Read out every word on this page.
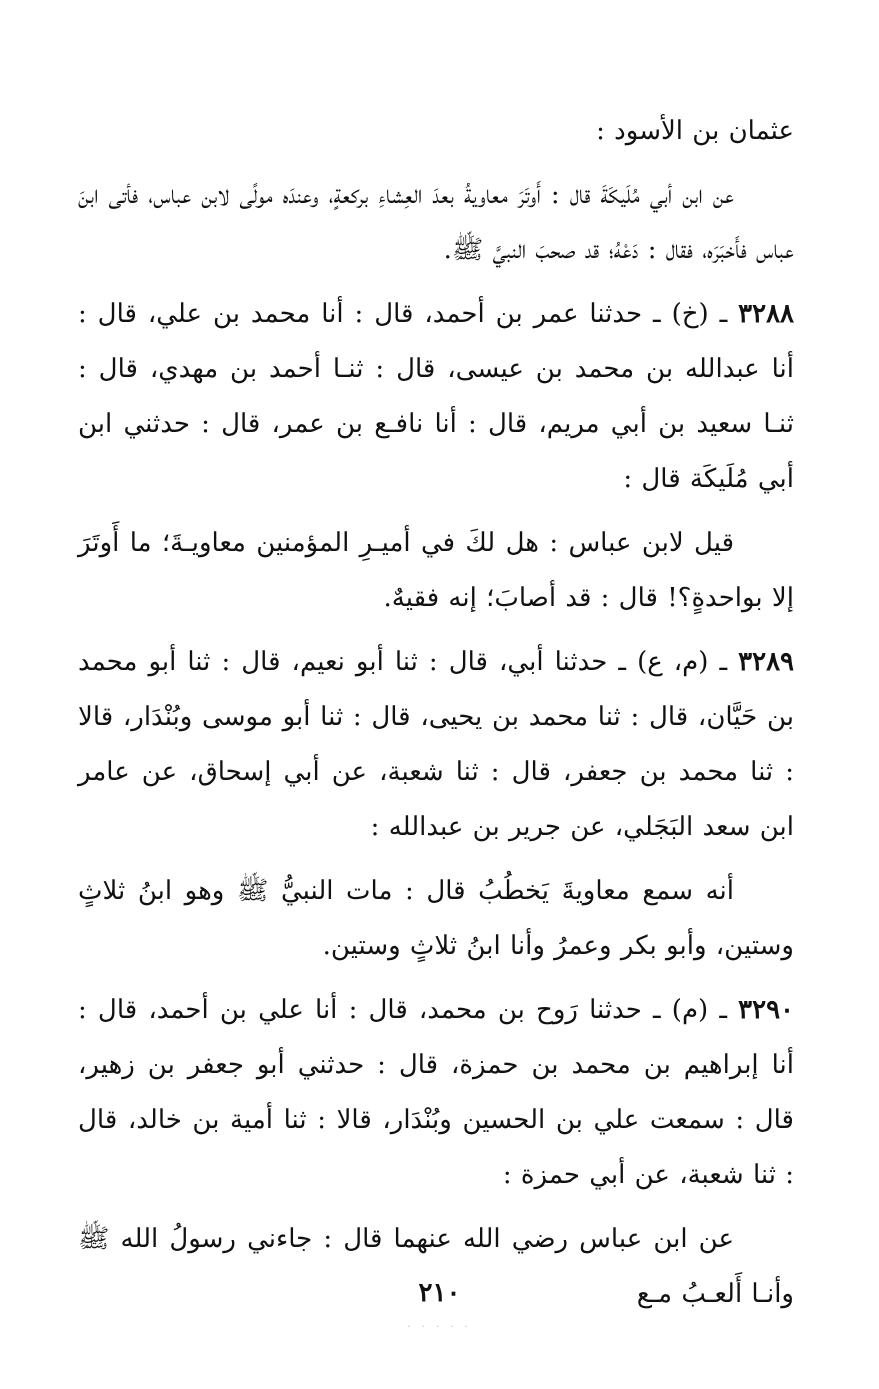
عثمان بن الأسود :

عن ابن أبي مُلَيكَةَ قال : أَوتَرَ معاويةُ بعدَ العِشاءِ بركعةٍ، وعندَه مولًى لابن عباس، فأتى ابنَ عباس فأَخبَرَه، فقال : دَعْهُ؛ قد صحبَ النبيَّ ﷺ.

٣٢٨٨ ـ (خ) ـ حدثنا عمر بن أحمد، قال : أنا محمد بن علي، قال : أنا عبدالله بن محمد بن عيسى، قال : ثنـا أحمد بن مهدي، قال : ثنـا سعيد بن أبي مريم، قال : أنا نافـع بن عمر، قال : حدثني ابن أبي مُلَيكَة قال :

قيل لابن عباس : هل لكَ في أميـرِ المؤمنين معاويـةَ؛ ما أَوتَرَ إلا بواحدةٍ؟! قال : قد أصابَ؛ إنه فقيهٌ.

٣٢٨٩ ـ (م، ع) ـ حدثنا أبي، قال : ثنا أبو نعيم، قال : ثنا أبو محمد بن حَيَّان، قال : ثنا محمد بن يحيى، قال : ثنا أبو موسى وبُنْدَار، قالا : ثنا محمد بن جعفر، قال : ثنا شعبة، عن أبي إسحاق، عن عامر ابن سعد البَجَلي، عن جرير بن عبدالله :

أنه سمع معاويةَ يَخطُبُ قال : مات النبيُّ ﷺ وهو ابنُ ثلاثٍ وستين، وأبو بكر وعمرُ وأنا ابنُ ثلاثٍ وستين.

٣٢٩٠ ـ (م) ـ حدثنا رَوح بن محمد، قال : أنا علي بن أحمد، قال : أنا إبراهيم بن محمد بن حمزة، قال : حدثني أبو جعفر بن زهير، قال : سمعت علي بن الحسين وبُنْدَار، قالا : ثنا أمية بن خالد، قال : ثنا شعبة، عن أبي حمزة :

عن ابن عباس رضي الله عنهما قال : جاءني رسولُ الله ﷺ وأنـا أَلعـبُ مـع

٢١٠
· · · · ·
